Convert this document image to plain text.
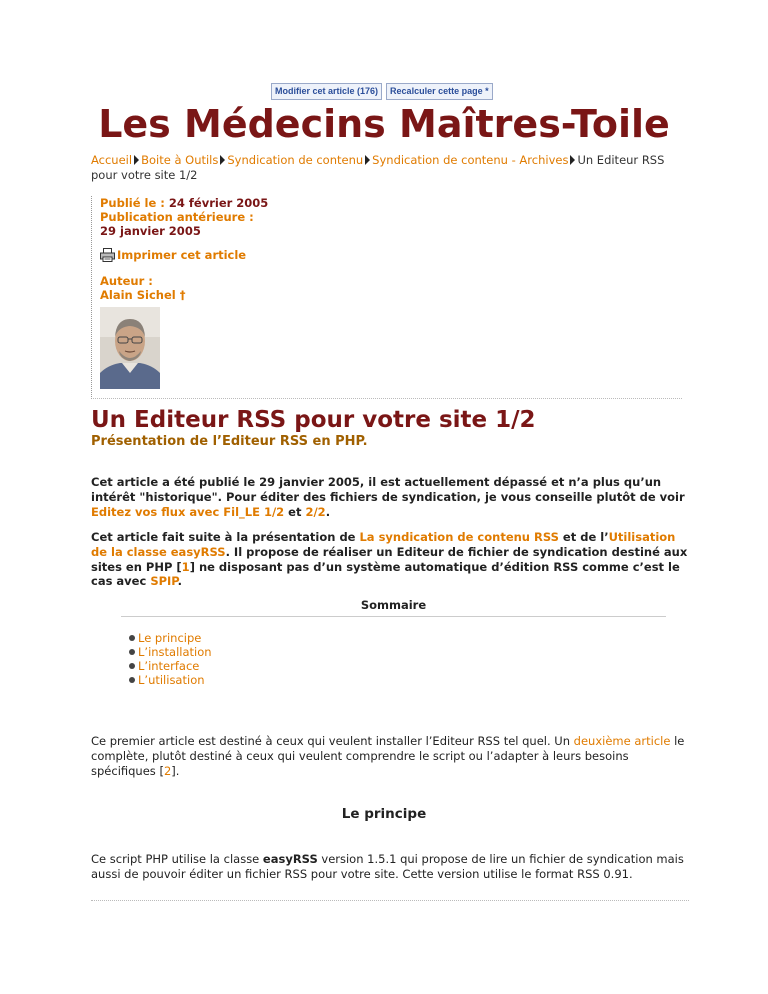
Modifier cet article (176)	Recalculer cette page *
Les Médecins Maîtres-Toile
Accueil Boite à Outils Syndication de contenu Syndication de contenu - Archives Un Editeur RSS pour votre site 1/2
Publié le : 24 février 2005
Publication antérieure :
29 janvier 2005
Imprimer cet article
Auteur :
Alain Sichel †
Un Editeur RSS pour votre site 1/2
Présentation de l’Editeur RSS en PHP.
Cet article a été publié le 29 janvier 2005, il est actuellement dépassé et n’a plus qu’un intérêt "historique". Pour éditer des fichiers de syndication, je vous conseille plutôt de voir Editez vos flux avec Fil_LE 1/2 et 2/2.
Cet article fait suite à la présentation de La syndication de contenu RSS et de l’Utilisation de la classe easyRSS. Il propose de réaliser un Editeur de fichier de syndication destiné aux sites en PHP [1] ne disposant pas d’un système automatique d’édition RSS comme c’est le cas avec SPIP.
Sommaire
Le principe
L’installation
L’interface
L’utilisation
Ce premier article est destiné à ceux qui veulent installer l’Editeur RSS tel quel. Un deuxième article le complète, plutôt destiné à ceux qui veulent comprendre le script ou l’adapter à leurs besoins spécifiques [2].
Le principe
Ce script PHP utilise la classe easyRSS version 1.5.1 qui propose de lire un fichier de syndication mais aussi de pouvoir éditer un fichier RSS pour votre site. Cette version utilise le format RSS 0.91.
